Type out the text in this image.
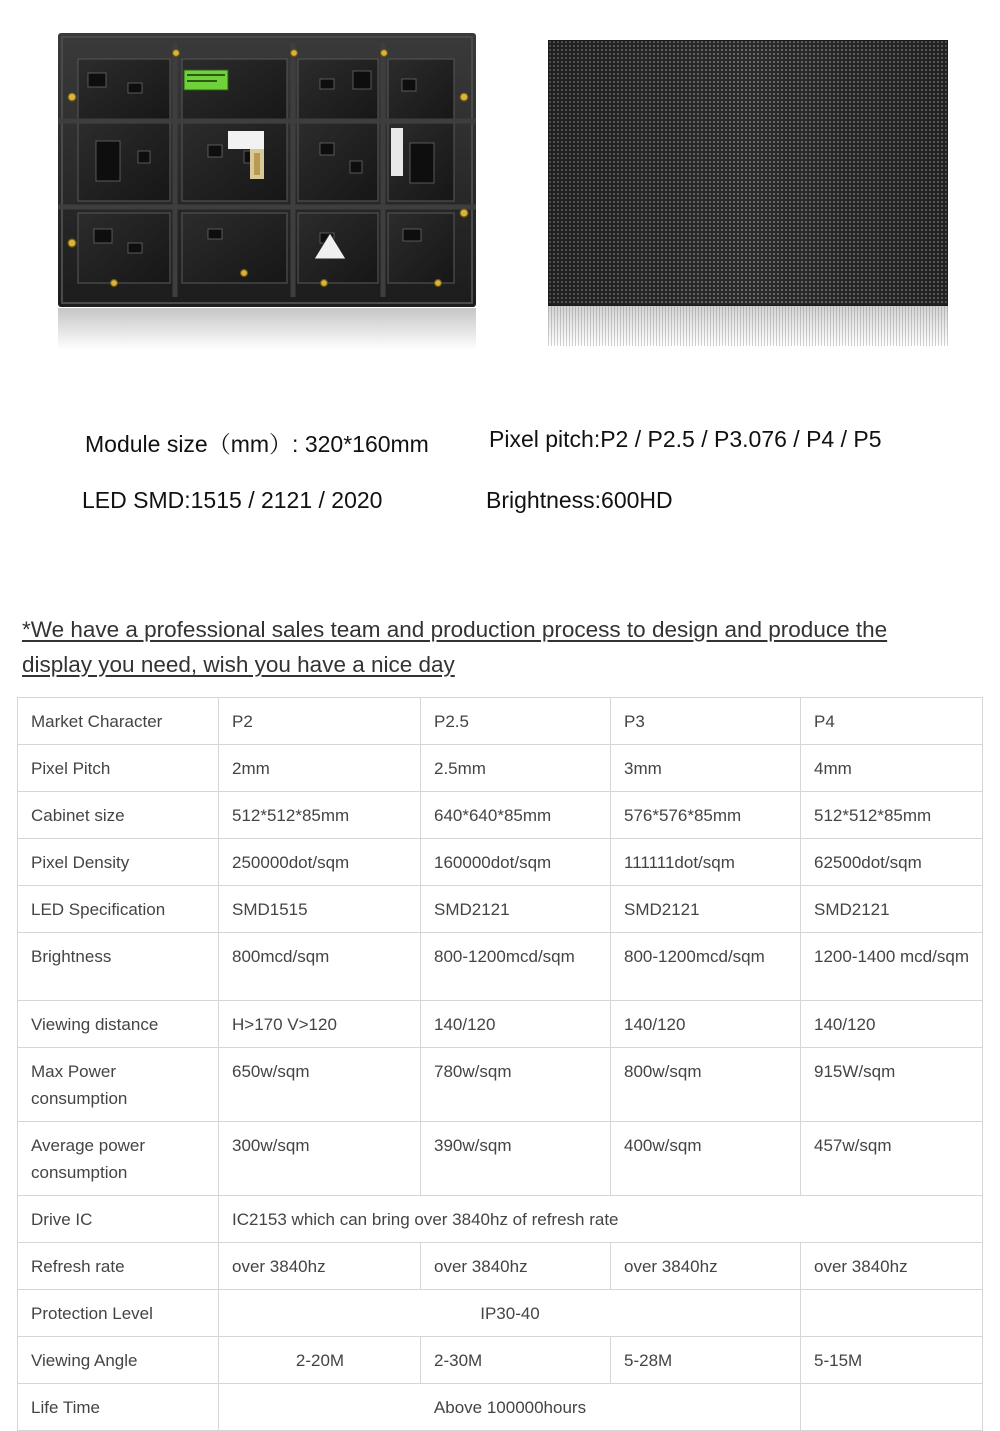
Module size（mm）: 320*160mm	Pixel pitch:P2 / P2.5 / P3.076 / P4 / P5
LED SMD:1515 / 2121 / 2020	Brightness:600HD
*We have a professional sales team and production process to design and produce the display you need, wish you have a nice day
Market Character	P2	P2.5	P3	P4
Pixel Pitch	2mm	2.5mm	3mm	4mm
Cabinet size	512*512*85mm	640*640*85mm	576*576*85mm	512*512*85mm
Pixel Density	250000dot/sqm	160000dot/sqm	111111dot/sqm	62500dot/sqm
LED Specification	SMD1515	SMD2121	SMD2121	SMD2121
Brightness	800mcd/sqm	800-1200mcd/sqm	800-1200mcd/sqm	1200-1400 mcd/sqm
Viewing distance	H>170 V>120	140/120	140/120	140/120
Max Power consumption	650w/sqm	780w/sqm	800w/sqm	915W/sqm
Average power consumption	300w/sqm	390w/sqm	400w/sqm	457w/sqm
Drive IC	IC2153 which can bring over 3840hz of refresh rate			
Refresh rate	over 3840hz	over 3840hz	over 3840hz	over 3840hz
Protection Level	IP30-40			
Viewing Angle	2-20M	2-30M	5-28M	5-15M
Life Time	Above 100000hours			
